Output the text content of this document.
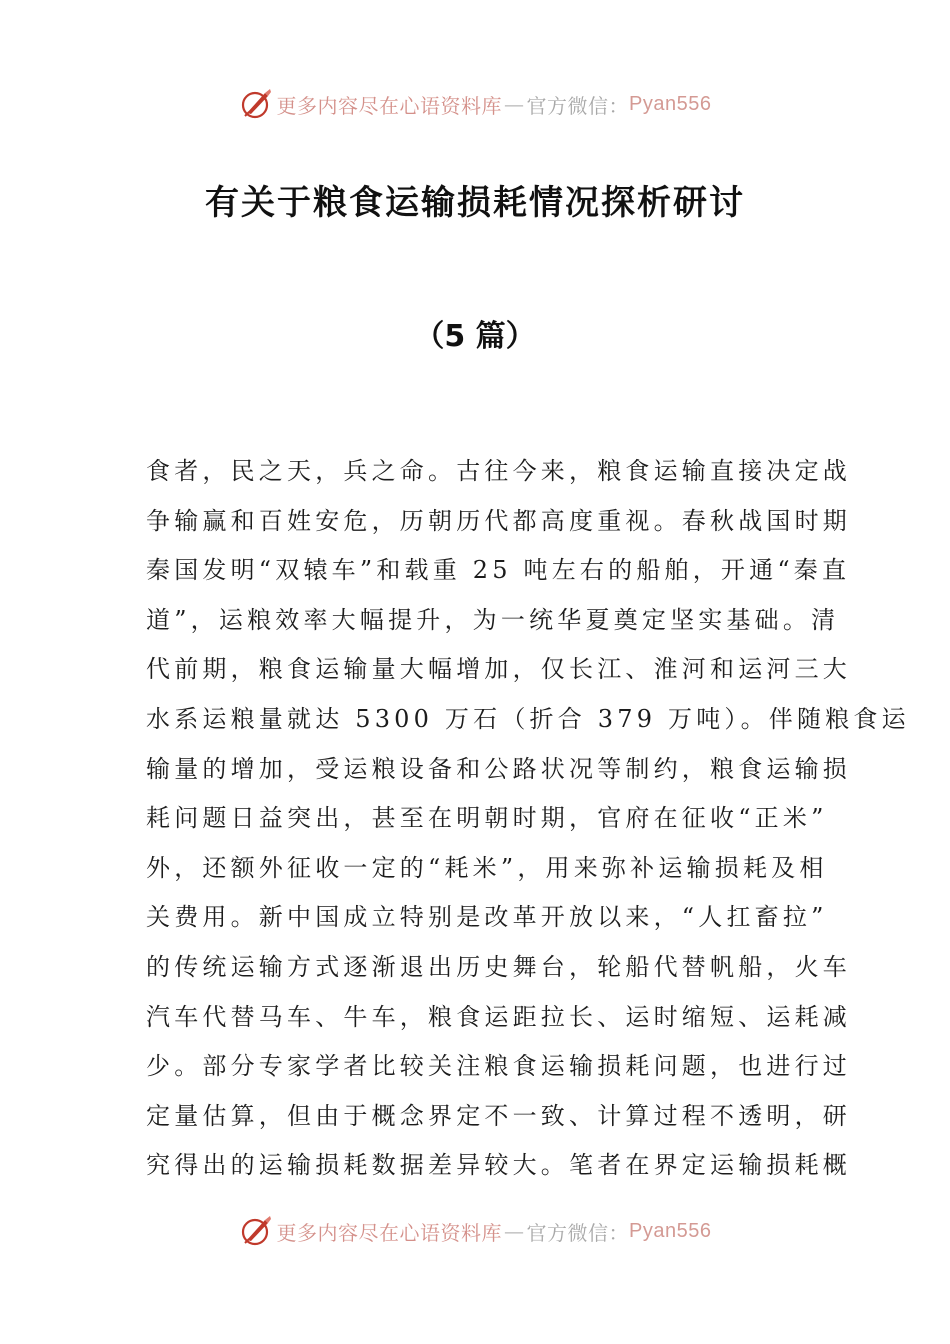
更多内容尽在心语资料库 — 官方微信： Pyan556
有关于粮食运输损耗情况探析研讨
（5 篇）
食者，民之天，兵之命。古往今来，粮食运输直接决定战
争输赢和百姓安危，历朝历代都高度重视。春秋战国时期
秦国发明“双辕车”和载重 25 吨左右的船舶，开通“秦直
道”，运粮效率大幅提升，为一统华夏奠定坚实基础。清
代前期，粮食运输量大幅增加，仅长江、淮河和运河三大
水系运粮量就达 5300 万石（折合 379 万吨）。伴随粮食运
输量的增加，受运粮设备和公路状况等制约，粮食运输损
耗问题日益突出，甚至在明朝时期，官府在征收“正米”
外，还额外征收一定的“耗米”，用来弥补运输损耗及相
关费用。新中国成立特别是改革开放以来，“人扛畜拉”
的传统运输方式逐渐退出历史舞台，轮船代替帆船，火车
汽车代替马车、牛车，粮食运距拉长、运时缩短、运耗减
少。部分专家学者比较关注粮食运输损耗问题，也进行过
定量估算，但由于概念界定不一致、计算过程不透明，研
究得出的运输损耗数据差异较大。笔者在界定运输损耗概
更多内容尽在心语资料库 — 官方微信： Pyan556
